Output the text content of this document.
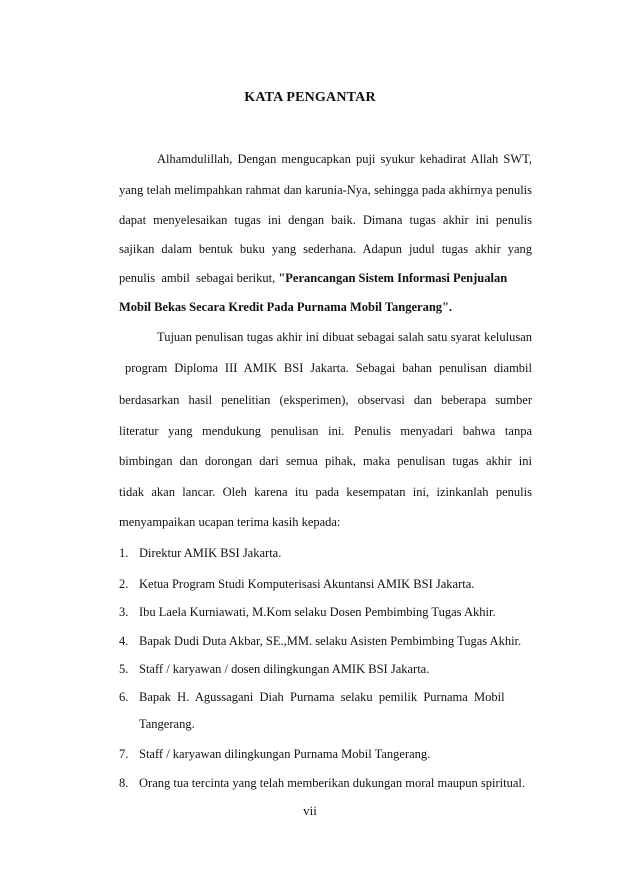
KATA PENGANTAR
Alhamdulillah, Dengan mengucapkan puji syukur kehadirat Allah SWT,
yang telah melimpahkan rahmat dan karunia-Nya, sehingga pada akhirnya penulis
dapat menyelesaikan tugas ini dengan baik. Dimana tugas akhir ini penulis
sajikan dalam bentuk buku yang sederhana. Adapun judul tugas akhir yang
penulis  ambil  sebagai berikut, "Perancangan Sistem Informasi Penjualan
Mobil Bekas Secara Kredit Pada Purnama Mobil Tangerang".
Tujuan penulisan tugas akhir ini dibuat sebagai salah satu syarat kelulusan
program Diploma III AMIK BSI Jakarta. Sebagai bahan penulisan diambil
berdasarkan hasil penelitian (eksperimen), observasi dan beberapa sumber
literatur yang mendukung penulisan ini. Penulis menyadari bahwa tanpa
bimbingan dan dorongan dari semua pihak, maka penulisan tugas akhir ini
tidak akan lancar. Oleh karena itu pada kesempatan ini, izinkanlah penulis
menyampaikan ucapan terima kasih kepada:
1. Direktur AMIK BSI Jakarta.
2. Ketua Program Studi Komputerisasi Akuntansi AMIK BSI Jakarta.
3. Ibu Laela Kurniawati, M.Kom selaku Dosen Pembimbing Tugas Akhir.
4. Bapak Dudi Duta Akbar, SE.,MM. selaku Asisten Pembimbing Tugas Akhir.
5. Staff / karyawan / dosen dilingkungan AMIK BSI Jakarta.
6. Bapak  H.  Agussagani  Diah  Purnama  selaku  pemilik  Purnama  Mobil
Tangerang.
7. Staff / karyawan dilingkungan Purnama Mobil Tangerang.
8. Orang tua tercinta yang telah memberikan dukungan moral maupun spiritual.
vii
